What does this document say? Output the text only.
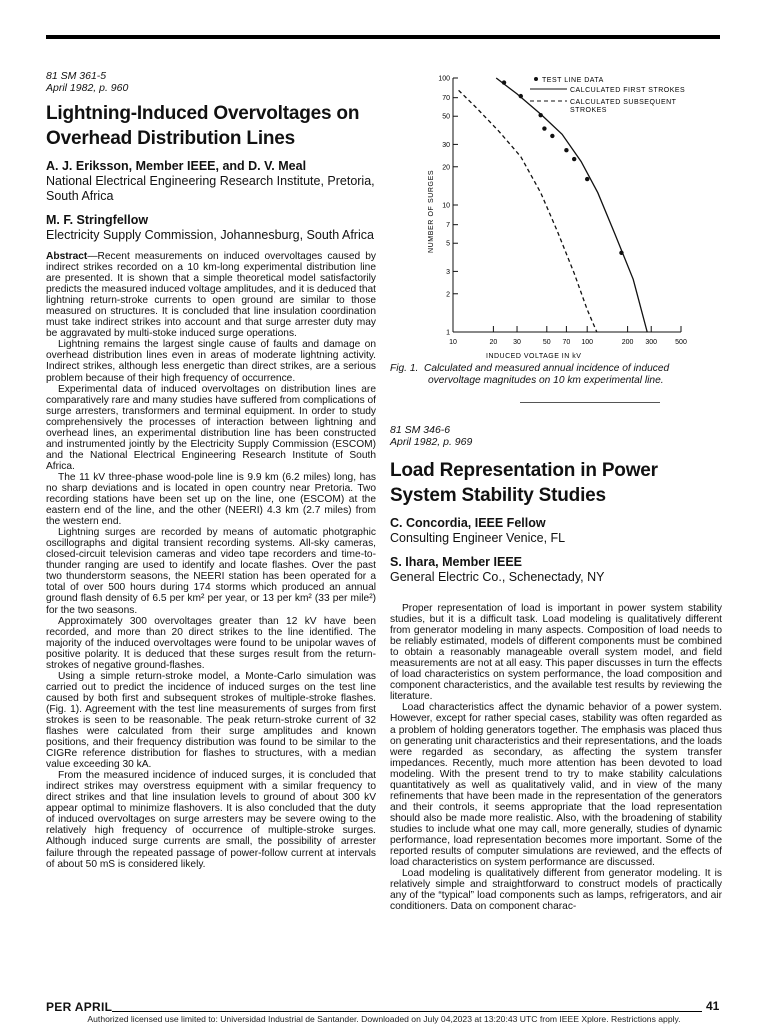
81 SM 361-5

April 1982, p. 960

Lightning-Induced Overvoltages on Overhead Distribution Lines

A. J. Eriksson, Member IEEE, and D. V. Meal

National Electrical Engineering Research Institute, Pretoria, South Africa

M. F. Stringfellow

Electricity Supply Commission, Johannesburg, South Africa

Abstract—Recent measurements on induced overvoltages caused by indirect strikes recorded on a 10 km-long experimental distribution line are presented. It is shown that a simple theoretical model satisfactorily predicts the measured induced voltage amplitudes, and it is deduced that lightning return-stroke currents to open ground are similar to those measured on structures. It is concluded that line insulation coordination must take indirect strikes into account and that surge arrester duty may be aggravated by multi-stoke induced surge operations.

Lightning remains the largest single cause of faults and damage on overhead distribution lines even in areas of moderate lightning activity. Indirect strikes, although less energetic than direct strikes, are a serious problem because of their high frequency of occurrence.

Experimental data of induced overvoltages on distribution lines are comparatively rare and many studies have suffered from complications of surge arresters, transformers and terminal equipment. In order to study comprehensively the processes of interaction between lightning and overhead lines, an experimental distribution line has been constructed and instrumented jointly by the Electricity Supply Commission (ESCOM) and the National Electrical Engineering Research Institute of South Africa.

The 11 kV three-phase wood-pole line is 9.9 km (6.2 miles) long, has no sharp deviations and is located in open country near Pretoria. Two recording stations have been set up on the line, one (ESCOM) at the eastern end of the line, and the other (NEERI) 4.3 km (2.7 miles) from the western end.

Lightning surges are recorded by means of automatic photgraphic oscillographs and digital transient recording systems. All-sky cameras, closed-circuit television cameras and video tape recorders and time-to-thunder ranging are used to identify and locate flashes. Over the past two thunderstorm seasons, the NEERI station has been operated for a total of over 500 hours during 174 storms which produced an annual ground flash density of 6.5 per km² per year, or 13 per km² (33 per mile²) for the two seasons.

Approximately 300 overvoltages greater than 12 kV have been recorded, and more than 20 direct strikes to the line identified. The majority of the induced overvoltages were found to be unipolar waves of positive polarity. It is deduced that these surges result from the return-strokes of negative ground-flashes.

Using a simple return-stroke model, a Monte-Carlo simulation was carried out to predict the incidence of induced surges on the test line caused by both first and subsequent strokes of multiple-stroke flashes. (Fig. 1). Agreement with the test line measurements of surges from first strokes is seen to be reasonable. The peak return-stroke current of 32 flashes were calculated from their surge amplitudes and known positions, and their frequency distribution was found to be similar to the CIGRe reference distribution for flashes to structures, with a median value exceeding 30 kA.

From the measured incidence of induced surges, it is concluded that indirect strikes may overstress equipment with a similar frequency to direct strikes and that line insulation levels to ground of about 300 kV appear optimal to minimize flashovers. It is also concluded that the duty of induced overvoltages on surge arresters may be severe owing to the relatively high frequency of occurrence of multiple-stroke surges. Although induced surge currents are small, the possibility of arrester failure through the repeated passage of power-follow current at intervals of about 50 mS is considered likely.

2
3
5
7
10
20
30
50
70
100
1
10	20 30	50 70 100	200 300	500
TEST LINE DATA
CALCULATED FIRST STROKES
CALCULATED SUBSEQUENT STROKES
INDUCED VOLTAGE IN kV
NUMBER OF SURGES

Fig. 1. Calculated and measured annual incidence of induced overvoltage magnitudes on 10 km experimental line.

81 SM 346-6

April 1982, p. 969

Load Representation in Power System Stability Studies

C. Concordia, IEEE Fellow

Consulting Engineer Venice, FL

S. Ihara, Member IEEE

General Electric Co., Schenectady, NY

Proper representation of load is important in power system stability studies, but it is a difficult task. Load modeling is qualitatively different from generator modeling in many aspects. Composition of load needs to be reliably estimated, models of different components must be combined to obtain a reasonably manageable overall system model, and field measurements are not at all easy. This paper discusses in turn the effects of load characteristics on system performance, the load composition and component characteristics, and the available test results by reviewing the literature.

Load characteristics affect the dynamic behavior of a power system. However, except for rather special cases, stability was often regarded as a problem of holding generators together. The emphasis was placed thus on generating unit characteristics and their representations, and the loads were regarded as secondary, as affecting the system transfer impedances. Recently, much more attention has been devoted to load modeling. With the present trend to try to make stability calculations quantitatively as well as qualitatively valid, and in view of the many refinements that have been made in the representation of the generators and their controls, it seems appropriate that the load representation should also be made more realistic. Also, with the broadening of stability studies to include what one may call, more generally, studies of dynamic performance, load representation becomes more important. Some of the reported results of computer simulations are reviewed, and the effects of load characteristics on system performance are discussed.

Load modeling is qualitatively different from generator modeling. It is relatively simple and straightforward to construct models of practically any of the “typical” load components such as lamps, refrigerators, and air conditioners. Data on component charac-

PER APRIL	41
Authorized licensed use limited to: Universidad Industrial de Santander. Downloaded on July 04,2023 at 13:20:43 UTC from IEEE Xplore. Restrictions apply.
